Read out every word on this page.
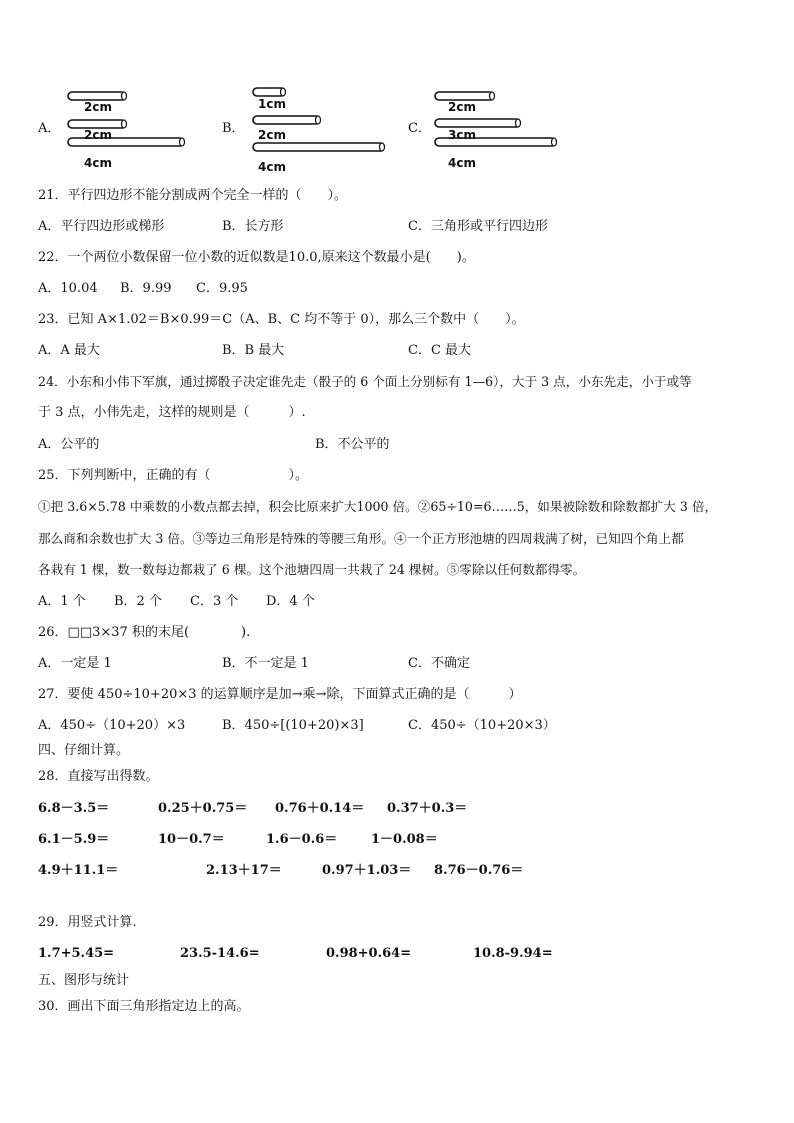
A．
2cm
2cm
4cm
B．
1cm
2cm
4cm
C．
2cm
3cm
4cm
21．平行四边形不能分割成两个完全一样的（　　）。
A．平行四边形或梯形	B．长方形	C．三角形或平行四边形
22．一个两位小数保留一位小数的近似数是10.0,原来这个数最小是(　　)。
A．10.04 B．9.99 C．9.95
23．已知 A×1.02＝B×0.99＝C（A、B、C 均不等于 0），那么三个数中（　　）。
A．A 最大	B．B 最大	C．C 最大
24．小东和小伟下军旗，通过掷骰子决定谁先走（骰子的 6 个面上分别标有 1—6），大于 3 点，小东先走，小于或等
于 3 点，小伟先走，这样的规则是（　　　）.
A．公平的	B．不公平的
25．下列判断中，正确的有（　　　　　　）。
①把 3.6×5.78 中乘数的小数点都去掉，积会比原来扩大1000 倍。②65÷10=6……5，如果被除数和除数都扩大 3 倍，
那么商和余数也扩大 3 倍。③等边三角形是特殊的等腰三角形。④一个正方形池塘的四周栽满了树，已知四个角上都
各栽有 1 棵，数一数每边都栽了 6 棵。这个池塘四周一共栽了 24 棵树。⑤零除以任何数都得零。
A．1 个 B．2 个 C．3 个 D．4 个
26．□□3×37 积的末尾(　　　　).
A．一定是 1	B．不一定是 1	C．不确定
27．要使 450÷10+20×3 的运算顺序是加→乘→除，下面算式正确的是（　　　）
A．450÷（10+20）×3	B．450÷[(10+20)×3]	C．450÷（10+20×3）
四、仔细计算。
28．直接写出得数。
6.8－3.5＝	0.25＋0.75＝ 0.76＋0.14＝ 0.37＋0.3＝
6.1－5.9＝	10－0.7＝	1.6－0.6＝	1－0.08＝
4.9＋11.1＝	2.13＋17＝	0.97＋1.03＝ 8.76－0.76＝
29．用竖式计算.
1.7+5.45=	23.5-14.6=	0.98+0.64=	10.8-9.94=
五、图形与统计
30．画出下面三角形指定边上的高。
